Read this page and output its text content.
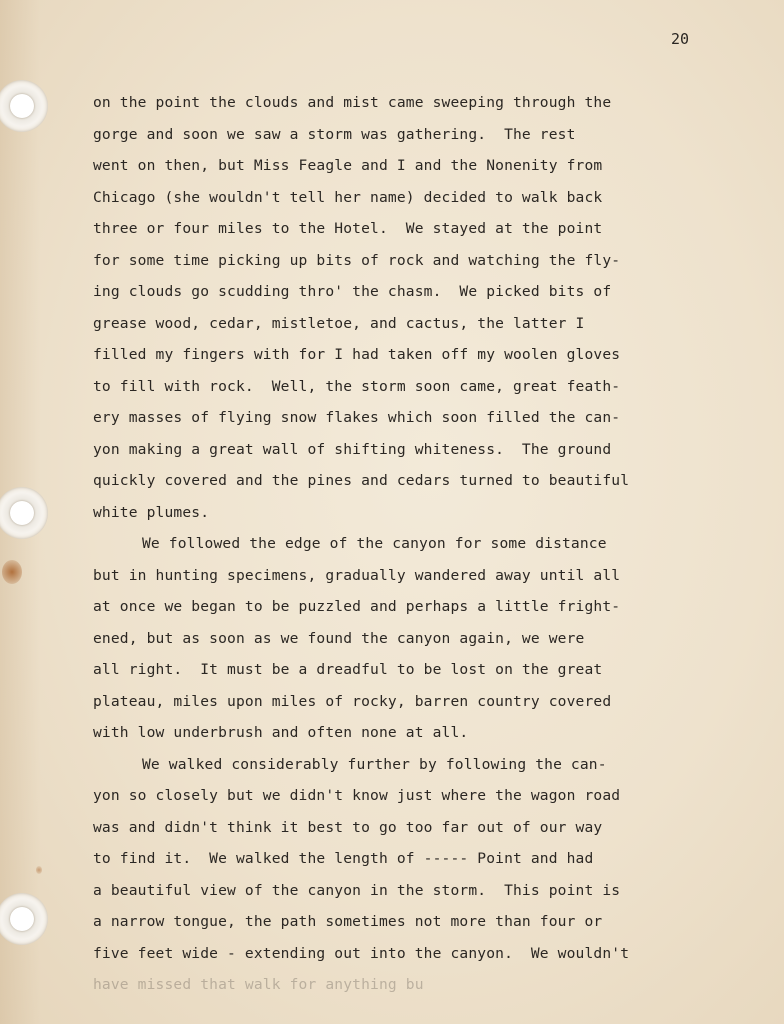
20
on the point the clouds and mist came sweeping through the
gorge and soon we saw a storm was gathering.  The rest
went on then, but Miss Feagle and I and the Nonenity from
Chicago (she wouldn't tell her name) decided to walk back
three or four miles to the Hotel.  We stayed at the point
for some time picking up bits of rock and watching the fly-
ing clouds go scudding thro' the chasm.  We picked bits of
grease wood, cedar, mistletoe, and cactus, the latter I
filled my fingers with for I had taken off my woolen gloves
to fill with rock.  Well, the storm soon came, great feath-
ery masses of flying snow flakes which soon filled the can-
yon making a great wall of shifting whiteness.  The ground
quickly covered and the pines and cedars turned to beautiful
white plumes.
We followed the edge of the canyon for some distance
but in hunting specimens, gradually wandered away until all
at once we began to be puzzled and perhaps a little fright-
ened, but as soon as we found the canyon again, we were
all right.  It must be a dreadful to be lost on the great
plateau, miles upon miles of rocky, barren country covered
with low underbrush and often none at all.
We walked considerably further by following the can-
yon so closely but we didn't know just where the wagon road
was and didn't think it best to go too far out of our way
to find it.  We walked the length of ----- Point and had
a beautiful view of the canyon in the storm.  This point is
a narrow tongue, the path sometimes not more than four or
five feet wide - extending out into the canyon.  We wouldn't
have missed that walk for anything bu
